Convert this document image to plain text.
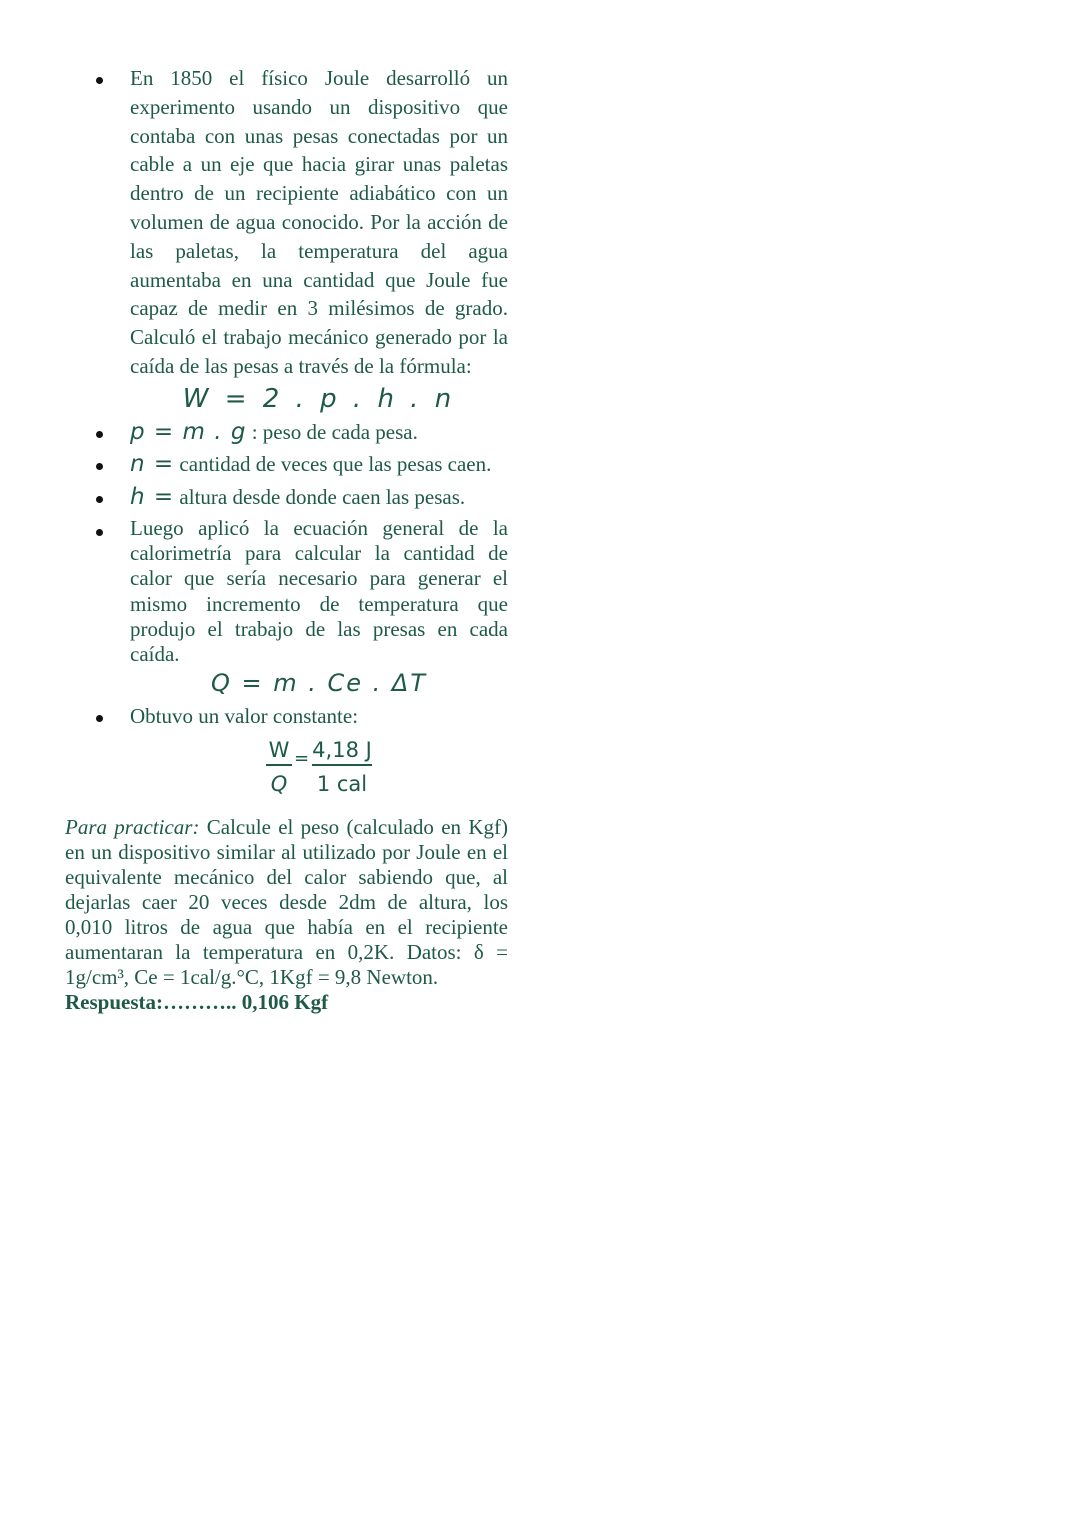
En 1850 el físico Joule desarrolló un experimento usando un dispositivo que contaba con unas pesas conectadas por un cable a un eje que hacia girar unas paletas dentro de un recipiente adiabático con un volumen de agua conocido. Por la acción de las paletas, la temperatura del agua aumentaba en una cantidad que Joule fue capaz de medir en 3 milésimos de grado. Calculó el trabajo mecánico generado por la caída de las pesas a través de la fórmula:
W = 2 . p . h . n
p = m . g : peso de cada pesa.
n = cantidad de veces que las pesas caen.
h = altura desde donde caen las pesas.
Luego aplicó la ecuación general de la calorimetría para calcular la cantidad de calor que sería necesario para generar el mismo incremento de temperatura que produjo el trabajo de las presas en cada caída.
Q = m . Ce . ΔT
Obtuvo un valor constante:
$\frac{W}{Q} = 4,18$ J
1 cal

Para practicar: Calcule el peso (calculado en Kgf) en un dispositivo similar al utilizado por Joule en el equivalente mecánico del calor sabiendo que, al dejarlas caer 20 veces desde 2dm de altura, los 0,010 litros de agua que había en el recipiente aumentaran la temperatura en 0,2K. Datos: δ = 1g/cm³, Ce = 1cal/g.°C, 1Kgf = 9,8 Newton.

Respuesta:……….. 0,106 Kgf
